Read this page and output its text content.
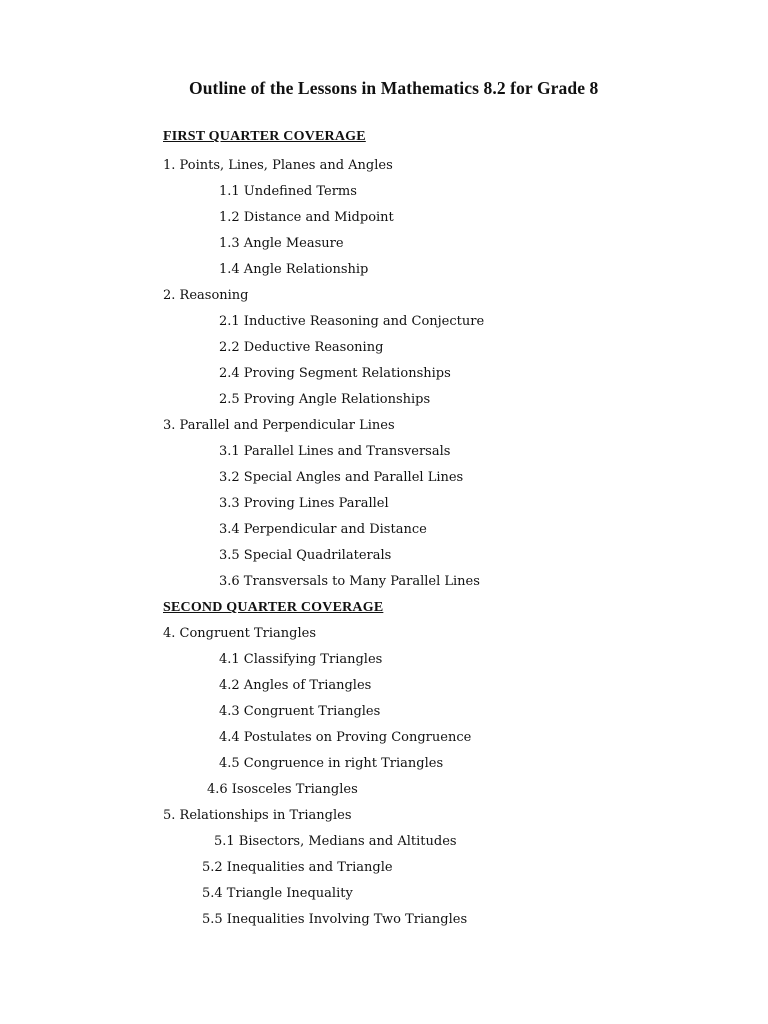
Outline of the Lessons in Mathematics 8.2 for Grade 8
FIRST QUARTER COVERAGE
1. Points, Lines, Planes and Angles
1.1 Undefined Terms
1.2 Distance and Midpoint
1.3 Angle Measure
1.4 Angle Relationship
2. Reasoning
2.1 Inductive Reasoning and Conjecture
2.2 Deductive Reasoning
2.4 Proving Segment Relationships
2.5 Proving Angle Relationships
3. Parallel and Perpendicular Lines
3.1 Parallel Lines and Transversals
3.2 Special Angles and Parallel Lines
3.3 Proving Lines Parallel
3.4 Perpendicular and Distance
3.5 Special Quadrilaterals
3.6 Transversals to Many Parallel Lines
SECOND QUARTER COVERAGE
4. Congruent Triangles
4.1 Classifying Triangles
4.2 Angles of Triangles
4.3 Congruent Triangles
4.4 Postulates on Proving Congruence
4.5 Congruence in right Triangles
4.6 Isosceles Triangles
5. Relationships in Triangles
5.1 Bisectors, Medians and Altitudes
5.2 Inequalities and Triangle
5.4 Triangle Inequality
5.5 Inequalities Involving Two Triangles
